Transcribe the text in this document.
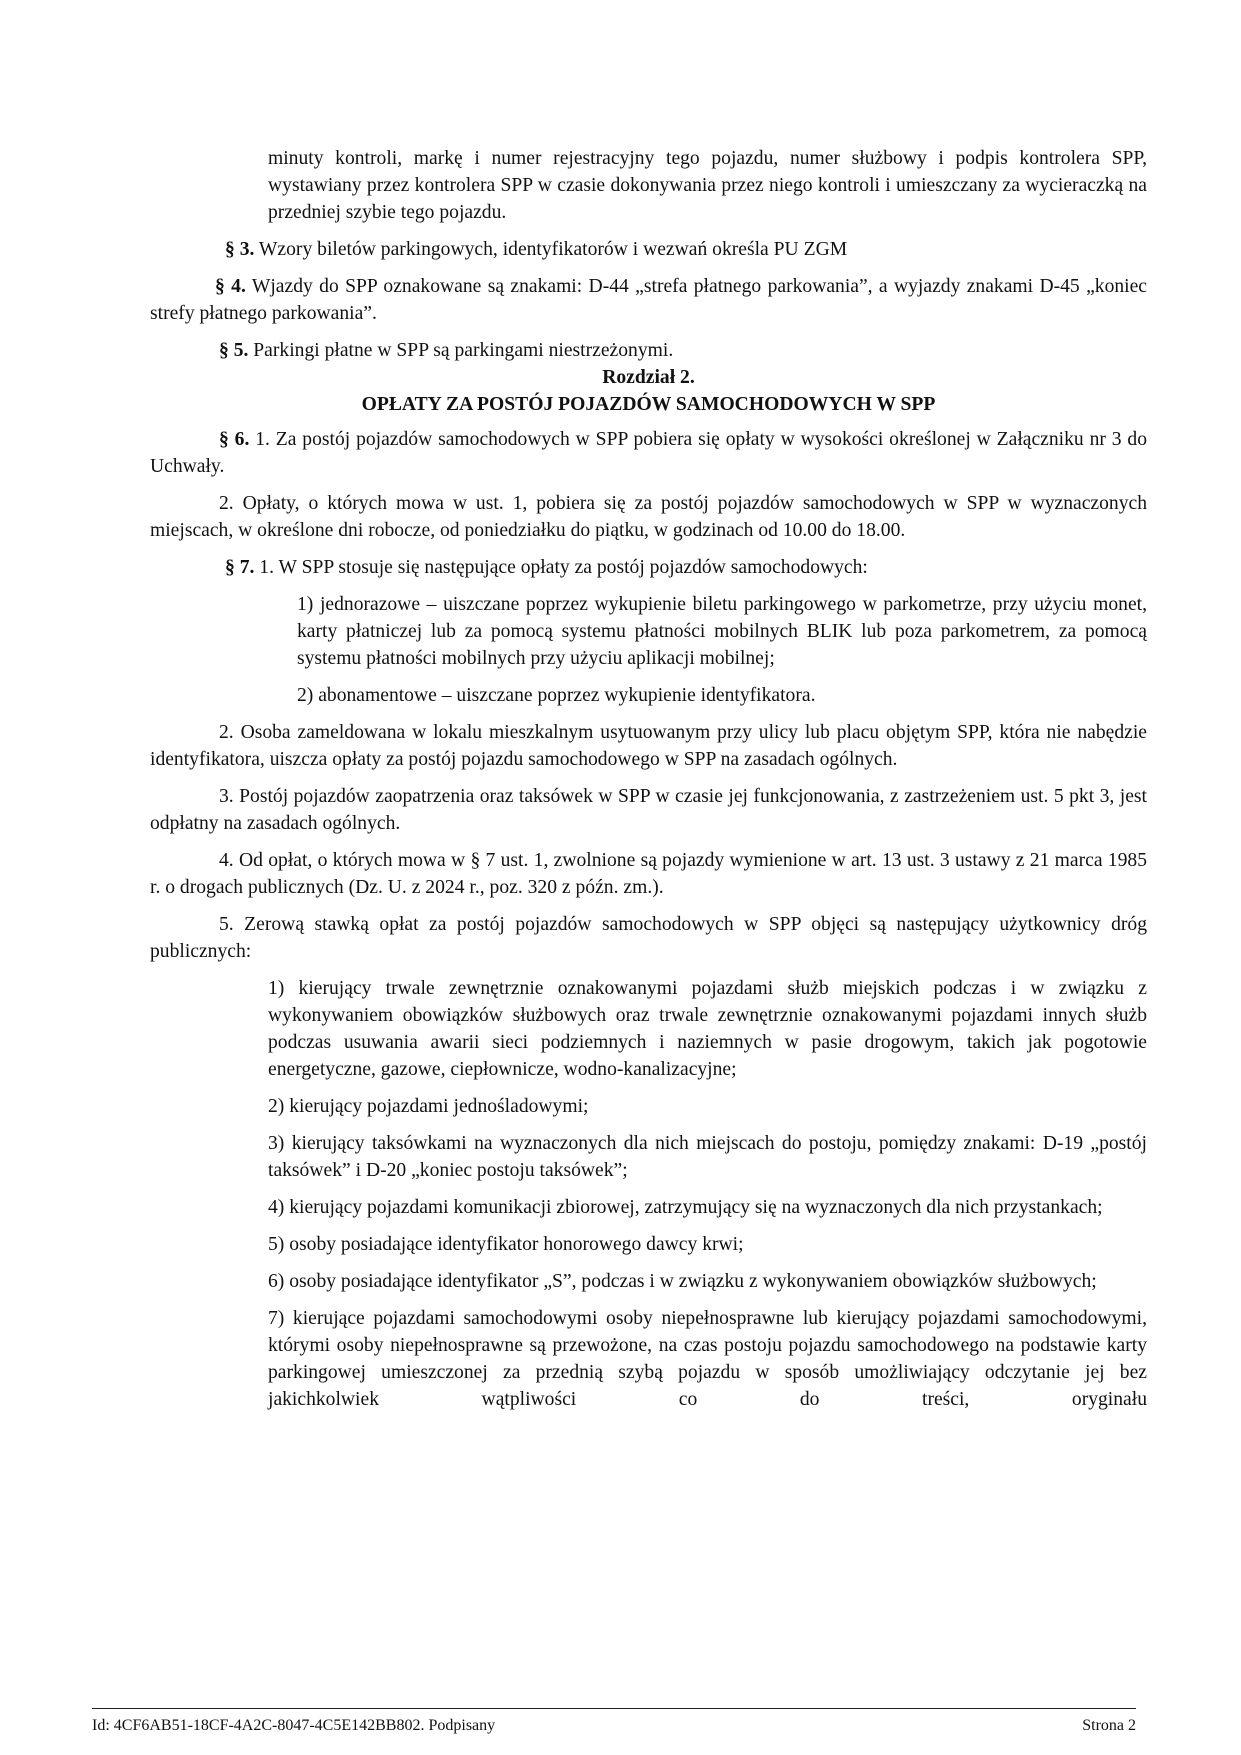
minuty kontroli, markę i numer rejestracyjny tego pojazdu, numer służbowy i podpis kontrolera SPP, wystawiany przez kontrolera SPP w czasie dokonywania przez niego kontroli i umieszczany za wycieraczką na przedniej szybie tego pojazdu.

§ 3. Wzory biletów parkingowych, identyfikatorów i wezwań określa PU ZGM

§ 4. Wjazdy do SPP oznakowane są znakami: D-44 „strefa płatnego parkowania”, a wyjazdy znakami D-45 „koniec strefy płatnego parkowania”.

§ 5. Parkingi płatne w SPP są parkingami niestrzeżonymi.

Rozdział 2.

OPŁATY ZA POSTÓJ POJAZDÓW SAMOCHODOWYCH W SPP

§ 6. 1. Za postój pojazdów samochodowych w SPP pobiera się opłaty w wysokości określonej w Załączniku nr 3 do Uchwały.

2. Opłaty, o których mowa w ust. 1, pobiera się za postój pojazdów samochodowych w SPP w wyznaczonych miejscach, w określone dni robocze, od poniedziałku do piątku, w godzinach od 10.00 do 18.00.

§ 7. 1. W SPP stosuje się następujące opłaty za postój pojazdów samochodowych:

1) jednorazowe – uiszczane poprzez wykupienie biletu parkingowego w parkometrze, przy użyciu monet, karty płatniczej lub za pomocą systemu płatności mobilnych BLIK lub poza parkometrem, za pomocą systemu płatności mobilnych przy użyciu aplikacji mobilnej;

2) abonamentowe – uiszczane poprzez wykupienie identyfikatora.

2. Osoba zameldowana w lokalu mieszkalnym usytuowanym przy ulicy lub placu objętym SPP, która nie nabędzie identyfikatora, uiszcza opłaty za postój pojazdu samochodowego w SPP na zasadach ogólnych.

3. Postój pojazdów zaopatrzenia oraz taksówek w SPP w czasie jej funkcjonowania, z zastrzeżeniem ust. 5 pkt 3, jest odpłatny na zasadach ogólnych.

4. Od opłat, o których mowa w § 7 ust. 1, zwolnione są pojazdy wymienione w art. 13 ust. 3 ustawy z 21 marca 1985 r. o drogach publicznych (Dz. U. z 2024 r., poz. 320 z późn. zm.).

5. Zerową stawką opłat za postój pojazdów samochodowych w SPP objęci są następujący użytkownicy dróg publicznych:

1) kierujący trwale zewnętrznie oznakowanymi pojazdami służb miejskich podczas i w związku z wykonywaniem obowiązków służbowych oraz trwale zewnętrznie oznakowanymi pojazdami innych służb podczas usuwania awarii sieci podziemnych i naziemnych w pasie drogowym, takich jak pogotowie energetyczne, gazowe, ciepłownicze, wodno-kanalizacyjne;

2) kierujący pojazdami jednośladowymi;

3) kierujący taksówkami na wyznaczonych dla nich miejscach do postoju, pomiędzy znakami: D-19 „postój taksówek” i D-20 „koniec postoju taksówek”;

4) kierujący pojazdami komunikacji zbiorowej, zatrzymujący się na wyznaczonych dla nich przystankach;

5) osoby posiadające identyfikator honorowego dawcy krwi;

6) osoby posiadające identyfikator „S”, podczas i w związku z wykonywaniem obowiązków służbowych;

7) kierujące pojazdami samochodowymi osoby niepełnosprawne lub kierujący pojazdami samochodowymi, którymi osoby niepełnosprawne są przewożone, na czas postoju pojazdu samochodowego na podstawie karty parkingowej umieszczonej za przednią szybą pojazdu w sposób umożliwiający odczytanie jej bez jakichkolwiek wątpliwości co do treści, oryginału

Id: 4CF6AB51-18CF-4A2C-8047-4C5E142BB802. Podpisany	Strona 2
